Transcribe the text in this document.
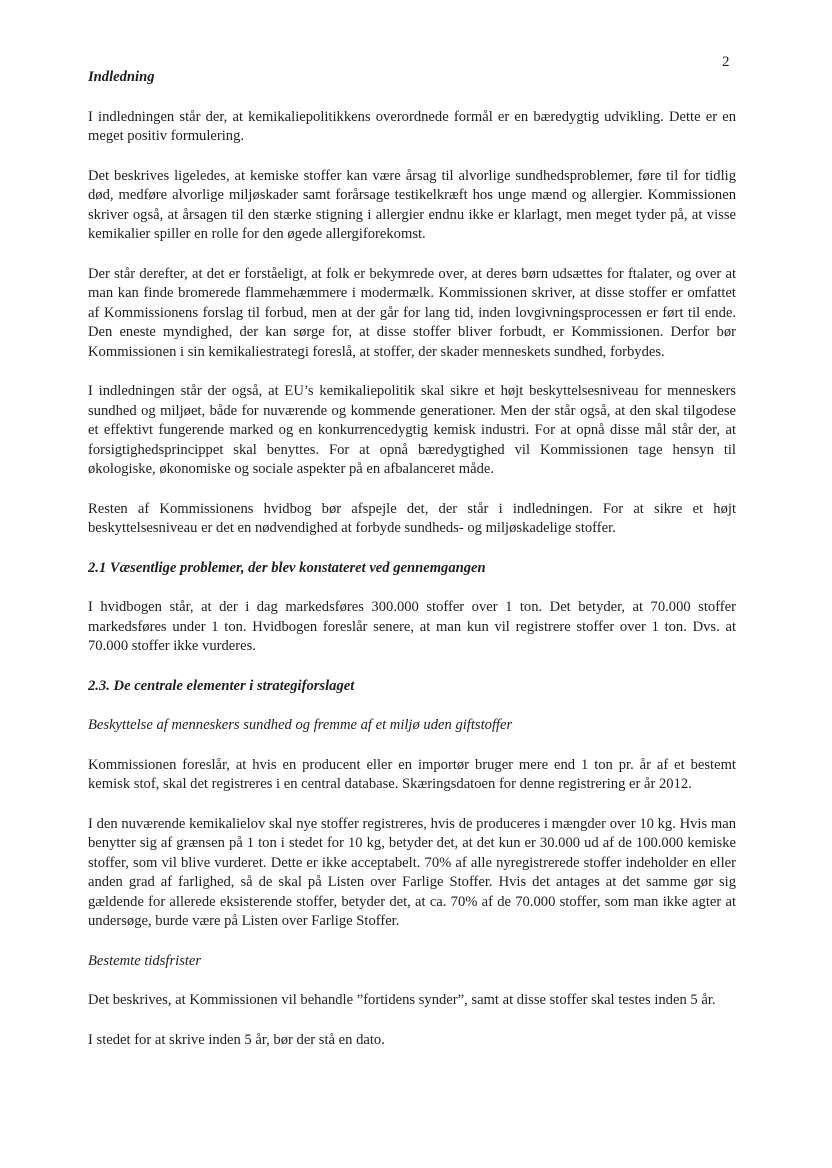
2

Indledning

I indledningen står der, at kemikaliepolitikkens overordnede formål er en bæredygtig udvikling. Dette er en meget positiv formulering.

Det beskrives ligeledes, at kemiske stoffer kan være årsag til alvorlige sundhedsproblemer, føre til for tidlig død, medføre alvorlige miljøskader samt forårsage testikelkræft hos unge mænd og allergier. Kommissionen skriver også, at årsagen til den stærke stigning i allergier endnu ikke er klarlagt, men meget tyder på, at visse kemikalier spiller en rolle for den øgede allergiforekomst.

Der står derefter, at det er forståeligt, at folk er bekymrede over, at deres børn udsættes for ftalater, og over at man kan finde bromerede flammehæmmere i modermælk. Kommissionen skriver, at disse stoffer er omfattet af Kommissionens forslag til forbud, men at der går for lang tid, inden lovgivningsprocessen er ført til ende. Den eneste myndighed, der kan sørge for, at disse stoffer bliver forbudt, er Kommissionen. Derfor bør Kommissionen i sin kemikaliestrategi foreslå, at stoffer, der skader menneskets sundhed, forbydes.

I indledningen står der også, at EU’s kemikaliepolitik skal sikre et højt beskyttelsesniveau for menneskers sundhed og miljøet, både for nuværende og kommende generationer. Men der står også, at den skal tilgodese et effektivt fungerende marked og en konkurrencedygtig kemisk industri. For at opnå disse mål står der, at forsigtighedsprincippet skal benyttes. For at opnå bæredygtighed vil Kommissionen tage hensyn til økologiske, økonomiske og sociale aspekter på en afbalanceret måde.

Resten af Kommissionens hvidbog bør afspejle det, der står i indledningen. For at sikre et højt beskyttelsesniveau er det en nødvendighed at forbyde sundheds- og miljøskadelige stoffer.

2.1 Væsentlige problemer, der blev konstateret ved gennemgangen

I hvidbogen står, at der i dag markedsføres 300.000 stoffer over 1 ton. Det betyder, at 70.000 stoffer markedsføres under 1 ton. Hvidbogen foreslår senere, at man kun vil registrere stoffer over 1 ton. Dvs. at 70.000 stoffer ikke vurderes.

2.3. De centrale elementer i strategiforslaget

Beskyttelse af menneskers sundhed og fremme af et miljø uden giftstoffer

Kommissionen foreslår, at hvis en producent eller en importør bruger mere end 1 ton pr. år af et bestemt kemisk stof, skal det registreres i en central database. Skæringsdatoen for denne registrering er år 2012.

I den nuværende kemikalielov skal nye stoffer registreres, hvis de produceres i mængder over 10 kg. Hvis man benytter sig af grænsen på 1 ton i stedet for 10 kg, betyder det, at det kun er 30.000 ud af de 100.000 kemiske stoffer, som vil blive vurderet. Dette er ikke acceptabelt. 70% af alle nyregistrerede stoffer indeholder en eller anden grad af farlighed, så de skal på Listen over Farlige Stoffer. Hvis det antages at det samme gør sig gældende for allerede eksisterende stoffer, betyder det, at ca. 70% af de 70.000 stoffer, som man ikke agter at undersøge, burde være på Listen over Farlige Stoffer.

Bestemte tidsfrister

Det beskrives, at Kommissionen vil behandle ”fortidens synder”, samt at disse stoffer skal testes inden 5 år.

I stedet for at skrive inden 5 år, bør der stå en dato.
